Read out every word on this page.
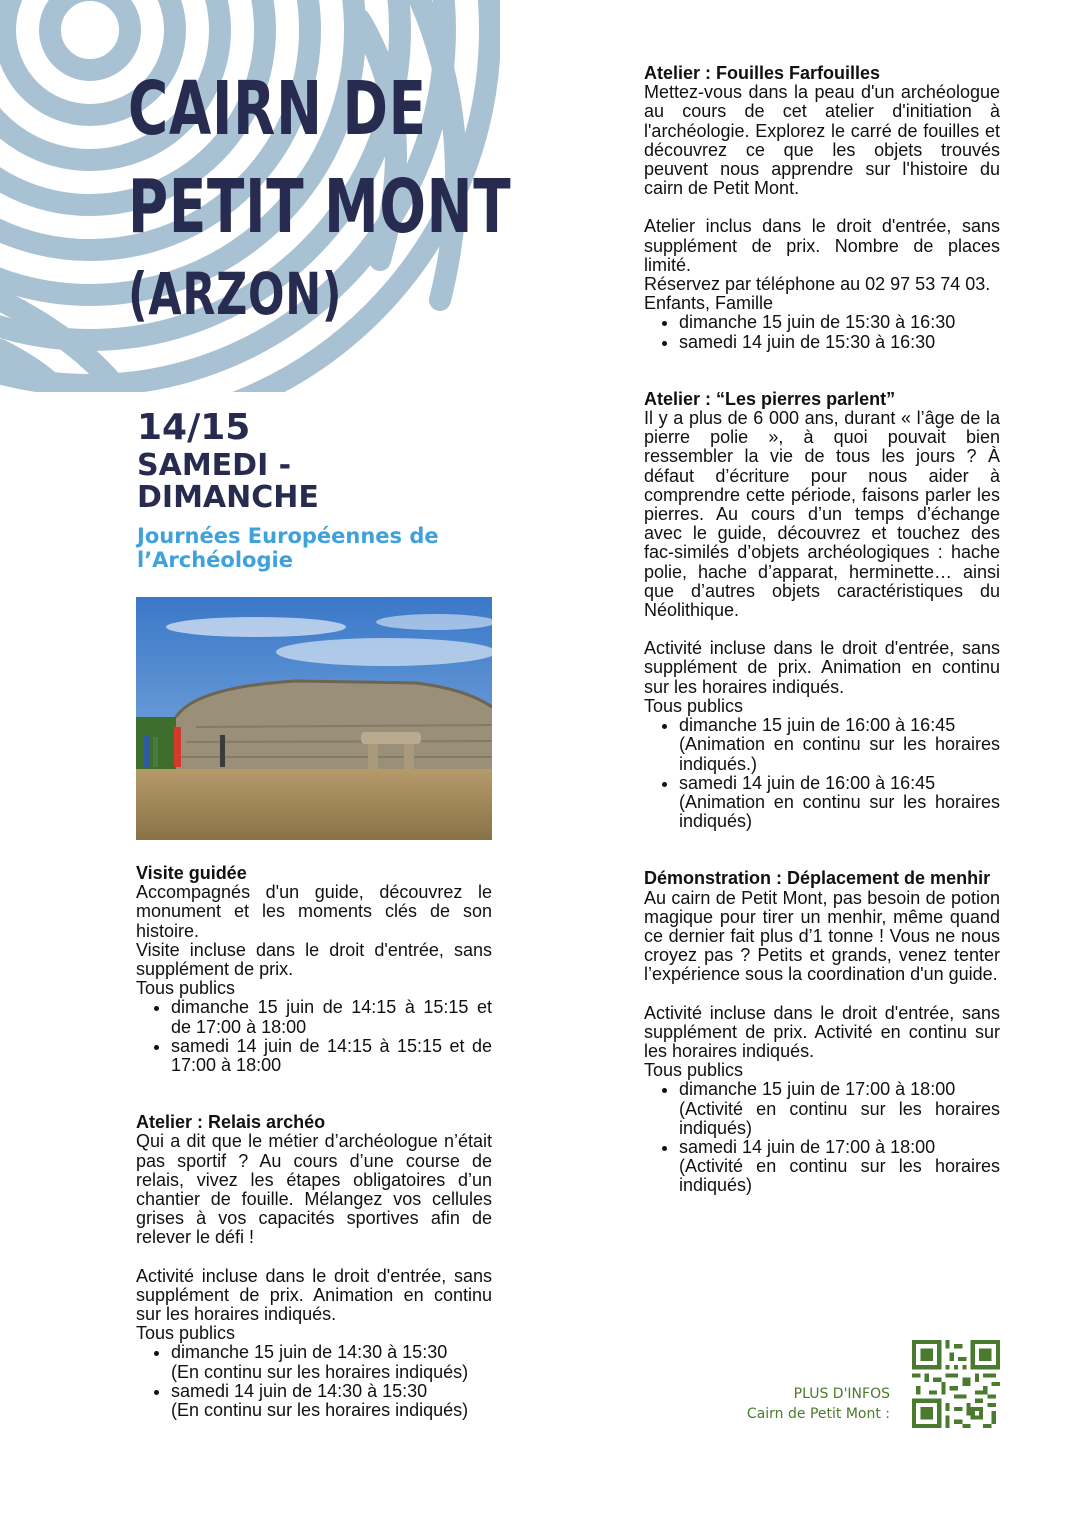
CAIRN DE
PETIT MONT
(ARZON)
14/15
SAMEDI -
DIMANCHE
Journées Européennes de l’Archéologie
Visite guidée

Accompagnés d'un guide, découvrez le monument et les moments clés de son histoire.

Visite incluse dans le droit d'entrée, sans supplément de prix.

Tous publics

• dimanche 15 juin de 14:15 à 15:15 et de 17:00 à 18:00
• samedi 14 juin de 14:15 à 15:15 et de 17:00 à 18:00
Atelier : Relais archéo

Qui a dit que le métier d’archéologue n’était pas sportif ? Au cours d’une course de relais, vivez les étapes obligatoires d’un chantier de fouille. Mélangez vos cellules grises à vos capacités sportives afin de relever le défi !

Activité incluse dans le droit d'entrée, sans supplément de prix. Animation en continu sur les horaires indiqués.

Tous publics

• dimanche 15 juin de 14:30 à 15:30
(En continu sur les horaires indiqués)
• samedi 14 juin de 14:30 à 15:30
(En continu sur les horaires indiqués)
Atelier : Fouilles Farfouilles

Mettez-vous dans la peau d'un archéologue au cours de cet atelier d'initiation à l'archéologie. Explorez le carré de fouilles et découvrez ce que les objets trouvés peuvent nous apprendre sur l'histoire du cairn de Petit Mont.

Atelier inclus dans le droit d'entrée, sans supplément de prix. Nombre de places limité.

Réservez par téléphone au 02 97 53 74 03.

Enfants, Famille

• dimanche 15 juin de 15:30 à 16:30
• samedi 14 juin de 15:30 à 16:30
Atelier : “Les pierres parlent”

Il y a plus de 6 000 ans, durant « l’âge de la pierre polie », à quoi pouvait bien ressembler la vie de tous les jours ? À défaut d’écriture pour nous aider à comprendre cette période, faisons parler les pierres. Au cours d’un temps d’échange avec le guide, découvrez et touchez des fac-similés d’objets archéologiques : hache polie, hache d’apparat, herminette… ainsi que d’autres objets caractéristiques du Néolithique.

Activité incluse dans le droit d'entrée, sans supplément de prix. Animation en continu sur les horaires indiqués.

Tous publics

• dimanche 15 juin de 16:00 à 16:45
(Animation en continu sur les horaires indiqués.)
• samedi 14 juin de 16:00 à 16:45
(Animation en continu sur les horaires indiqués)
Démonstration : Déplacement de menhir

Au cairn de Petit Mont, pas besoin de potion magique pour tirer un menhir, même quand ce dernier fait plus d’1 tonne ! Vous ne nous croyez pas ? Petits et grands, venez tenter l’expérience sous la coordination d'un guide.

Activité incluse dans le droit d'entrée, sans supplément de prix. Activité en continu sur les horaires indiqués.

Tous publics

• dimanche 15 juin de 17:00 à 18:00
(Activité en continu sur les horaires indiqués)
• samedi 14 juin de 17:00 à 18:00
(Activité en continu sur les horaires indiqués)
PLUS D'INFOS
Cairn de Petit Mont :
